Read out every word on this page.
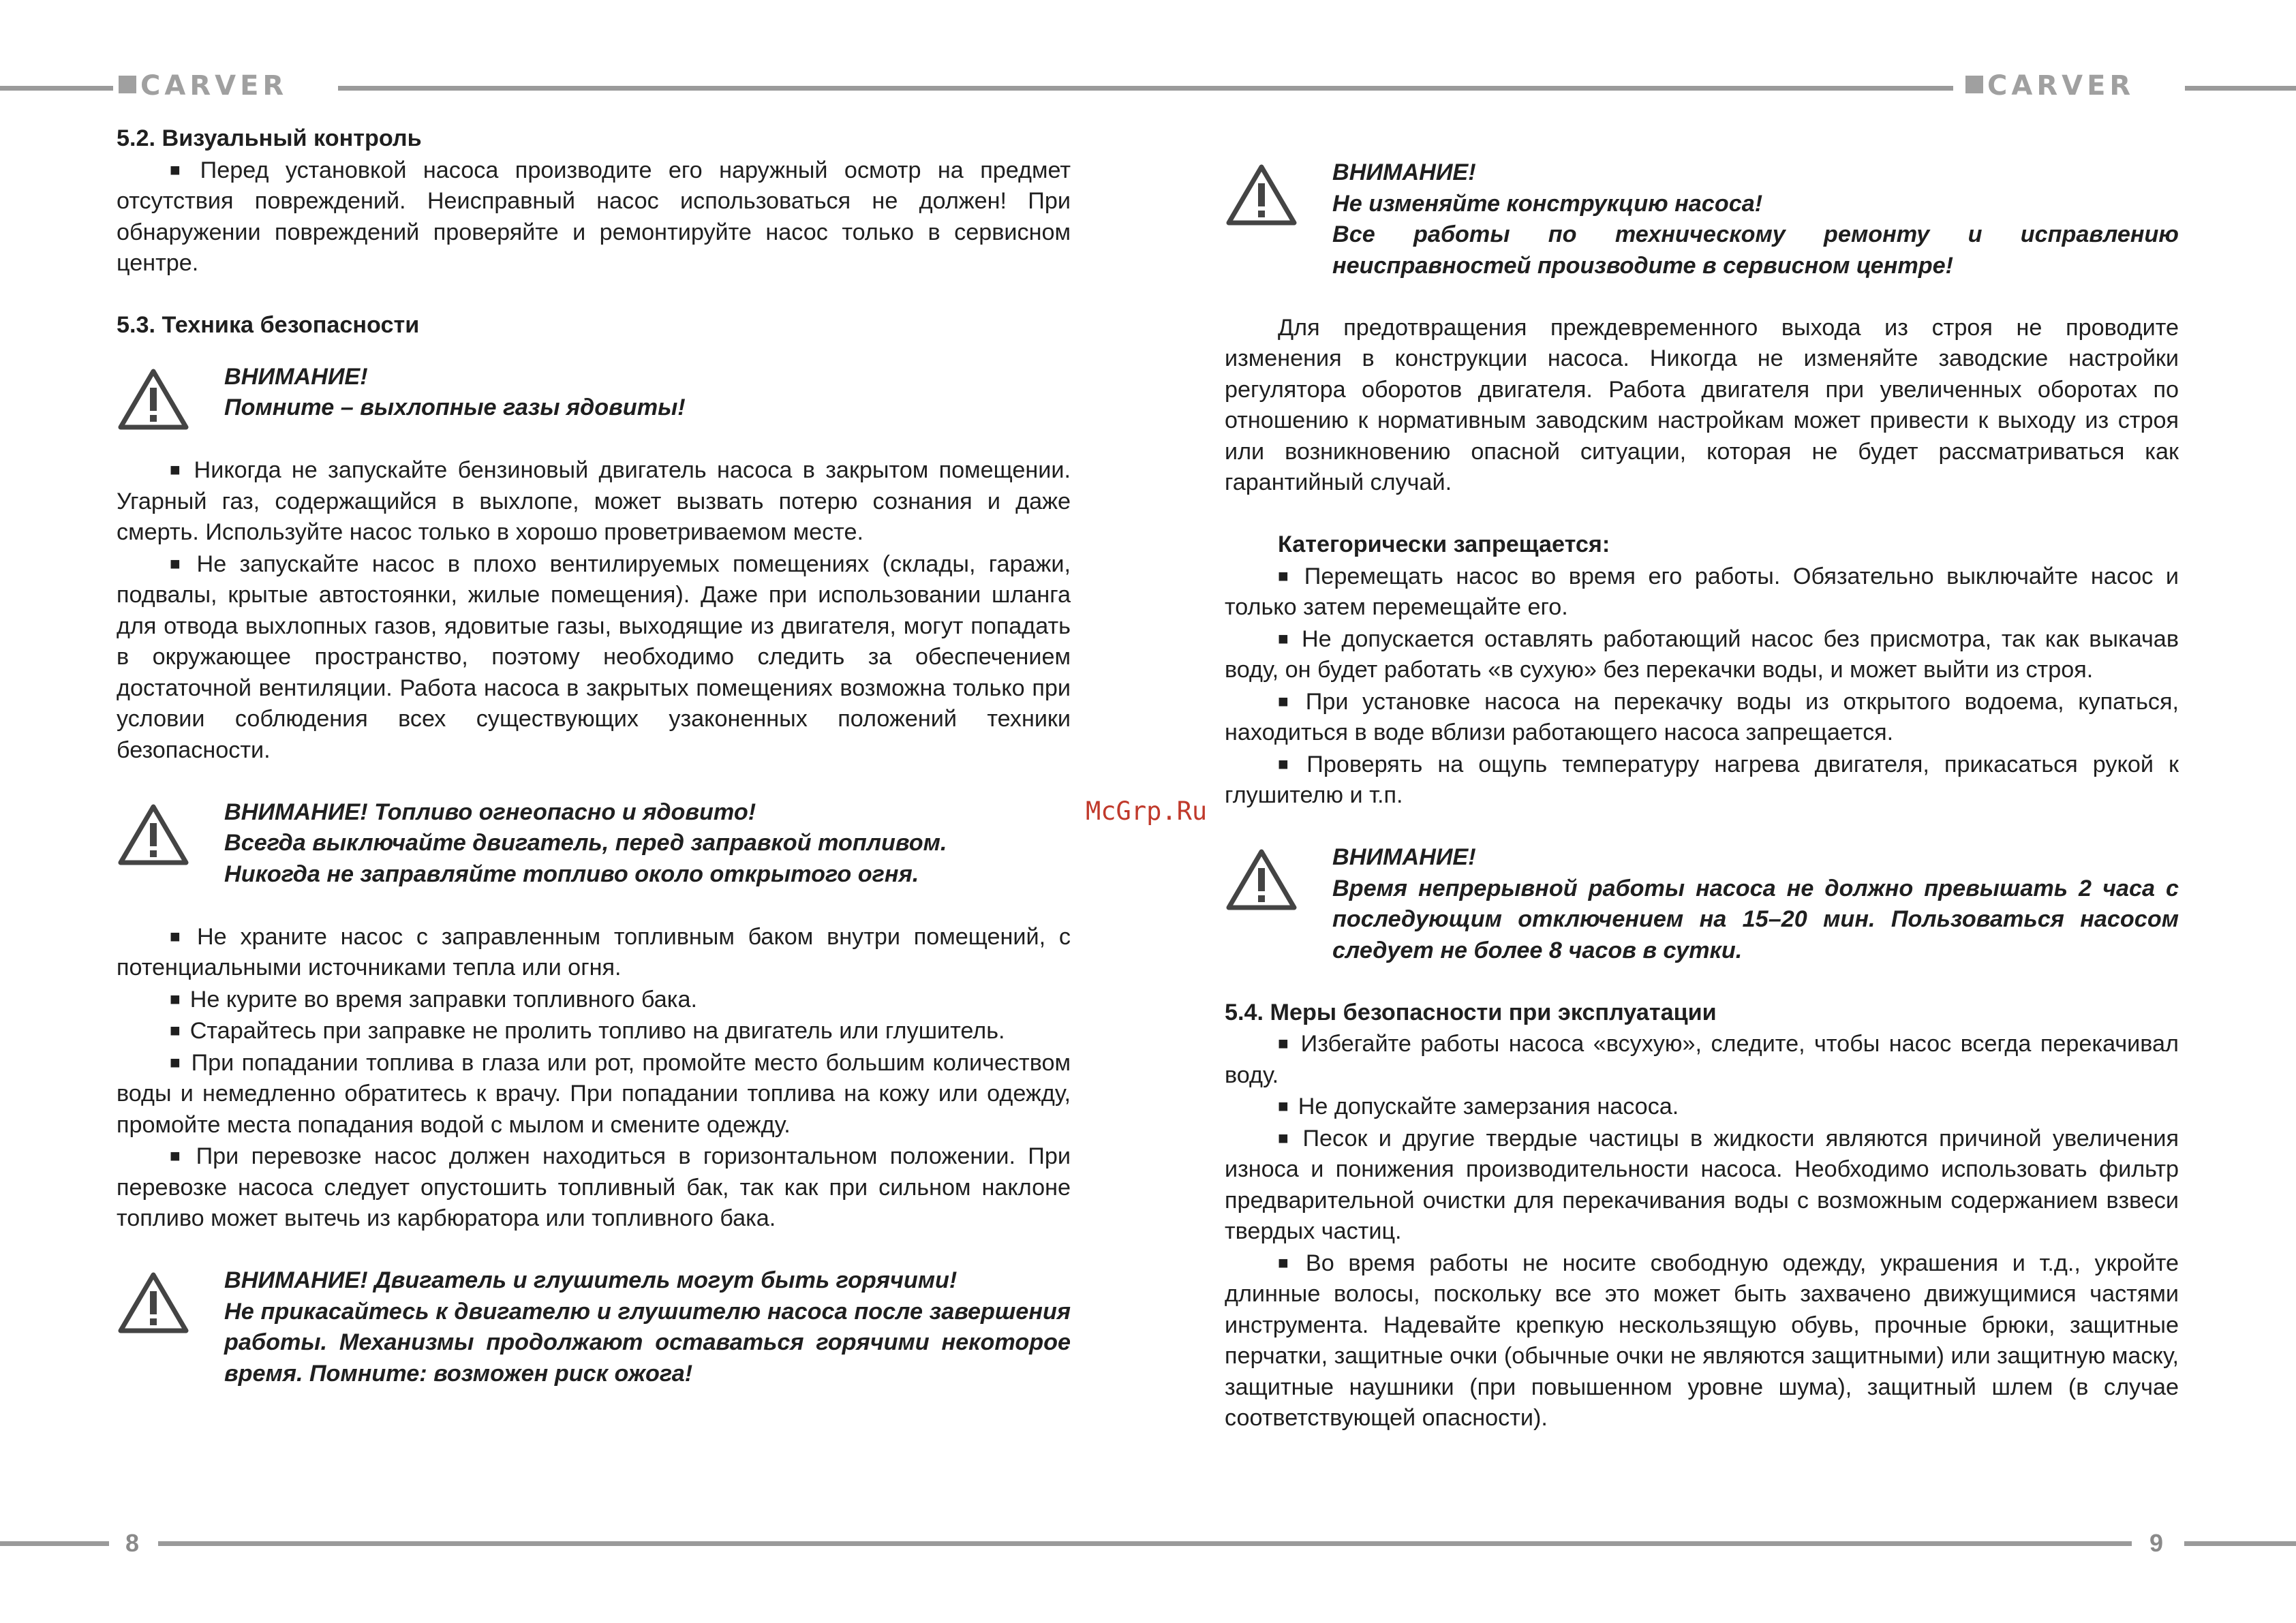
CARVER	CARVER
8	9
McGrp.Ru

5.2. Визуальный контроль

■ Перед установкой насоса производите его наружный осмотр на предмет отсутствия повреждений. Неисправный насос использоваться не должен! При обнаружении повреждений проверяйте и ремонтируйте насос только в сервисном центре.

5.3. Техника безопасности

ВНИМАНИЕ!

Помните – выхлопные газы ядовиты!

■ Никогда не запускайте бензиновый двигатель насоса в закрытом помещении. Угарный газ, содержащийся в выхлопе, может вызвать потерю сознания и даже смерть. Используйте насос только в хорошо проветриваемом месте.

■ Не запускайте насос в плохо вентилируемых помещениях (склады, гаражи, подвалы, крытые автостоянки, жилые помещения). Даже при использовании шланга для отвода выхлопных газов, ядовитые газы, выходящие из двигателя, могут попадать в окружающее пространство, поэтому необходимо следить за обеспечением достаточной вентиляции. Работа насоса в закрытых помещениях возможна только при условии соблюдения всех существующих узаконенных положений техники безопасности.

ВНИМАНИЕ! Топливо огнеопасно и ядовито!

Всегда выключайте двигатель, перед заправкой топливом.

Никогда не заправляйте топливо около открытого огня.

■ Не храните насос с заправленным топливным баком внутри помещений, с потенциальными источниками тепла или огня.

■ Не курите во время заправки топливного бака.

■ Старайтесь при заправке не пролить топливо на двигатель или глушитель.

■ При попадании топлива в глаза или рот, промойте место большим количеством воды и немедленно обратитесь к врачу. При попадании топлива на кожу или одежду, промойте места попадания водой с мылом и смените одежду.

■ При перевозке насос должен находиться в горизонтальном положении. При перевозке насоса следует опустошить топливный бак, так как при сильном наклоне топливо может вытечь из карбюратора или топливного бака.

ВНИМАНИЕ! Двигатель и глушитель могут быть горячими!

Не прикасайтесь к двигателю и глушителю насоса после завершения работы. Механизмы продолжают оставаться горячими некоторое время. Помните: возможен риск ожога!

ВНИМАНИЕ!

Не изменяйте конструкцию насоса!

Все работы по техническому ремонту и исправлению неисправностей производите в сервисном центре!

Для предотвращения преждевременного выхода из строя не проводите изменения в конструкции насоса. Никогда не изменяйте заводские настройки регулятора оборотов двигателя. Работа двигателя при увеличенных оборотах по отношению к нормативным заводским настройкам может привести к выходу из строя или возникновению опасной ситуации, которая не будет рассматриваться как гарантийный случай.

Категорически запрещается:

■ Перемещать насос во время его работы. Обязательно выключайте насос и только затем перемещайте его.

■ Не допускается оставлять работающий насос без присмотра, так как выкачав воду, он будет работать «в сухую» без перекачки воды, и может выйти из строя.

■ При установке насоса на перекачку воды из открытого водоема, купаться, находиться в воде вблизи работающего насоса запрещается.

■ Проверять на ощупь температуру нагрева двигателя, прикасаться рукой к глушителю и т.п.

ВНИМАНИЕ!

Время непрерывной работы насоса не должно превышать 2 часа с последующим отключением на 15–20 мин. Пользоваться насосом следует не более 8 часов в сутки.

5.4. Меры безопасности при эксплуатации

■ Избегайте работы насоса «всухую», следите, чтобы насос всегда перекачивал воду.

■ Не допускайте замерзания насоса.

■ Песок и другие твердые частицы в жидкости являются причиной увеличения износа и понижения производительности насоса. Необходимо использовать фильтр предварительной очистки для перекачивания воды с возможным содержанием взвеси твердых частиц.

■ Во время работы не носите свободную одежду, украшения и т.д., укройте длинные волосы, поскольку все это может быть захвачено движущимися частями инструмента. Надевайте крепкую нескользящую обувь, прочные брюки, защитные перчатки, защитные очки (обычные очки не являются защитными) или защитную маску, защитные наушники (при повышенном уровне шума), защитный шлем (в случае соответствующей опасности).
